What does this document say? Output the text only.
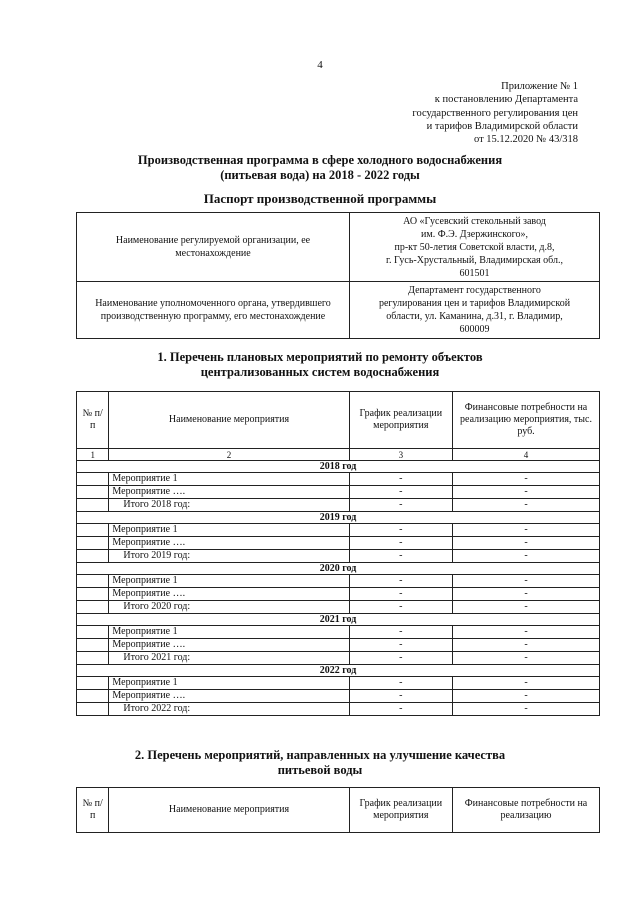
4
Приложение № 1
к постановлению Департамента
государственного регулирования цен
и тарифов Владимирской области
от 15.12.2020 № 43/318
Производственная программа в сфере холодного водоснабжения
(питьевая вода) на 2018 - 2022 годы
Паспорт производственной программы
Наименование регулируемой организации, ее местонахождение	АО «Гусевский стекольный завод
им. Ф.Э. Дзержинского»,
пр-кт 50-летия Советской власти, д.8,
г. Гусь-Хрустальный, Владимирская обл.,
601501

Наименование уполномоченного органа, утвердившего производственную программу, его местонахождение	Департамент государственного
регулирования цен и тарифов Владимирской
области, ул. Каманина, д.31, г. Владимир,
600009
1. Перечень плановых мероприятий по ремонту объектов
централизованных систем водоснабжения
№ п/п	Наименование мероприятия	График реализации мероприятия	Финансовые потребности на реализацию мероприятия, тыс. руб.
1	2	3	4
2018 год			
	Мероприятие 1	-	-
	Мероприятие ….	-	-
	Итого 2018 год:	-	-
2019 год			
	Мероприятие 1	-	-
	Мероприятие ….	-	-
	Итого 2019 год:	-	-
2020 год			
	Мероприятие 1	-	-
	Мероприятие ….	-	-
	Итого 2020 год:	-	-
2021 год			
	Мероприятие 1	-	-
	Мероприятие ….	-	-
	Итого 2021 год:	-	-
2022 год			
	Мероприятие 1	-	-
	Мероприятие ….	-	-
	Итого 2022 год:	-	-
2. Перечень мероприятий, направленных на улучшение качества
питьевой воды
№ п/п	Наименование мероприятия	График реализации мероприятия	Финансовые потребности на реализацию
